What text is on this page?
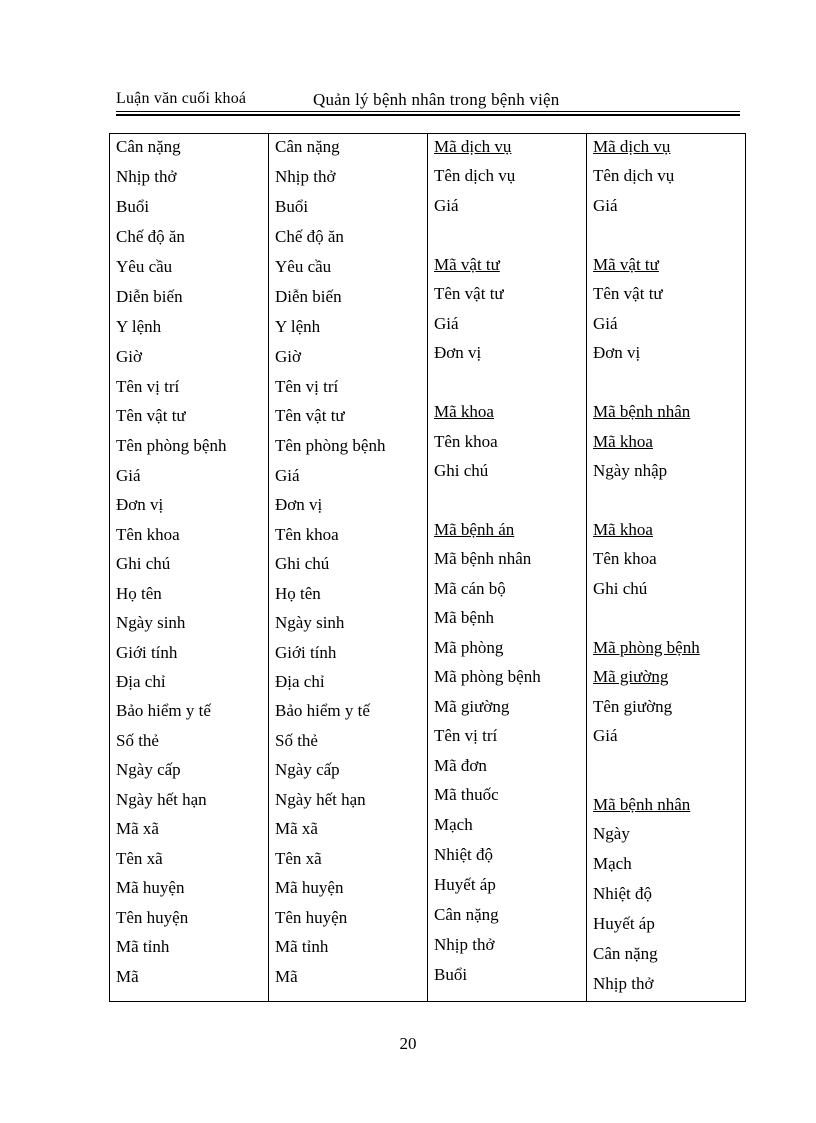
Luận văn cuối khoá	Quản lý bệnh nhân trong bệnh viện
Cân nặng
Nhịp thở
Buổi
Chế độ ăn
Yêu cầu
Diễn biến
Y lệnh
Giờ
Tên vị trí
Tên vật tư
Tên phòng bệnh
Giá
Đơn vị
Tên khoa
Ghi chú
Họ tên
Ngày sinh
Giới tính
Địa chỉ
Bảo hiểm y tế
Số thẻ
Ngày cấp
Ngày hết hạn
Mã xã
Tên xã
Mã huyện
Tên huyện
Mã tỉnh
Mã
Cân nặng
Nhịp thở
Buổi
Chế độ ăn
Yêu cầu
Diễn biến
Y lệnh
Giờ
Tên vị trí
Tên vật tư
Tên phòng bệnh
Giá
Đơn vị
Tên khoa
Ghi chú
Họ tên
Ngày sinh
Giới tính
Địa chỉ
Bảo hiểm y tế
Số thẻ
Ngày cấp
Ngày hết hạn
Mã xã
Tên xã
Mã huyện
Tên huyện
Mã tỉnh
Mã
Mã dịch vụ
Tên dịch vụ
Giá
Mã vật tư
Tên vật tư
Giá
Đơn vị
Mã khoa
Tên khoa
Ghi chú
Mã bệnh án
Mã bệnh nhân
Mã cán bộ
Mã bệnh
Mã phòng
Mã phòng bệnh
Mã giường
Tên vị trí
Mã đơn
Mã thuốc
Mạch
Nhiệt độ
Huyết áp
Cân nặng
Nhịp thở
Buổi
Mã dịch vụ
Tên dịch vụ
Giá
Mã vật tư
Tên vật tư
Giá
Đơn vị
Mã bệnh nhân
Mã khoa
Ngày nhập
Mã khoa
Tên khoa
Ghi chú
Mã phòng bệnh
Mã giường
Tên giường
Giá
Mã bệnh nhân
Ngày
Mạch
Nhiệt độ
Huyết áp
Cân nặng
Nhịp thở
20
